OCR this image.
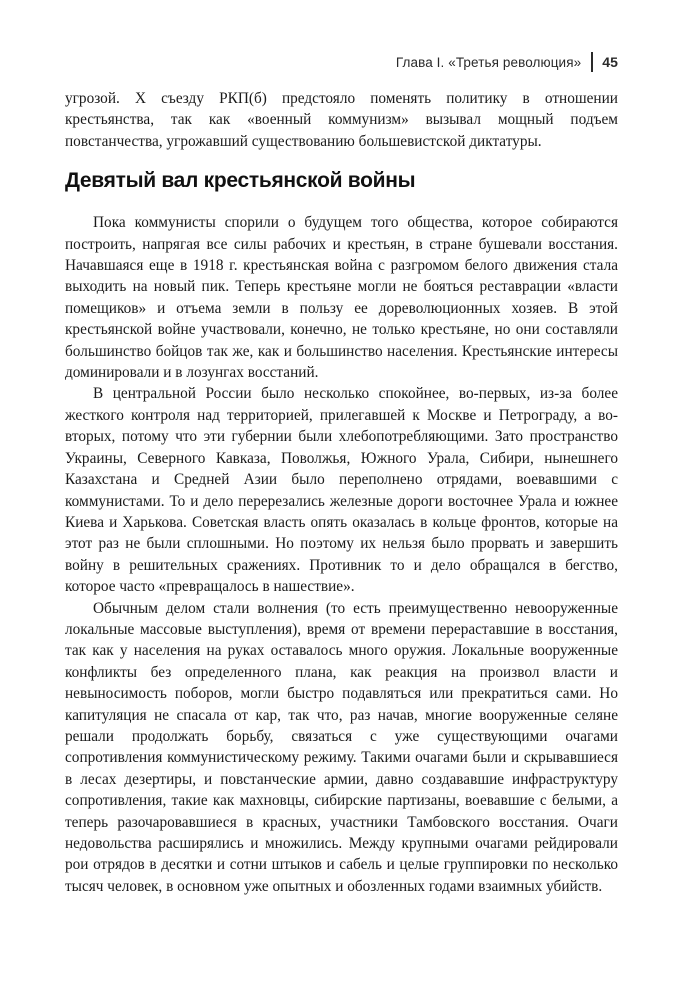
Глава I. «Третья революция» 45

угрозой. X съезду РКП(б) предстояло поменять политику в отношении крестьянства, так как «военный коммунизм» вызывал мощный подъем повстанчества, угрожавший существованию большевистской диктатуры.

Девятый вал крестьянской войны

Пока коммунисты спорили о будущем того общества, которое собираются построить, напрягая все силы рабочих и крестьян, в стране бушевали восстания. Начавшаяся еще в 1918 г. крестьянская война с разгромом белого движения стала выходить на новый пик. Теперь крестьяне могли не бояться реставрации «власти помещиков» и отъема земли в пользу ее дореволюционных хозяев. В этой крестьянской войне участвовали, конечно, не только крестьяне, но они составляли большинство бойцов так же, как и большинство населения. Крестьянские интересы доминировали и в лозунгах восстаний.

В центральной России было несколько спокойнее, во-первых, из-за более жесткого контроля над территорией, прилегавшей к Москве и Петрограду, а во-вторых, потому что эти губернии были хлебопотребляющими. Зато пространство Украины, Северного Кавказа, Поволжья, Южного Урала, Сибири, нынешнего Казахстана и Средней Азии было переполнено отрядами, воевавшими с коммунистами. То и дело перерезались железные дороги восточнее Урала и южнее Киева и Харькова. Советская власть опять оказалась в кольце фронтов, которые на этот раз не были сплошными. Но поэтому их нельзя было прорвать и завершить войну в решительных сражениях. Противник то и дело обращался в бегство, которое часто «превращалось в нашествие».

Обычным делом стали волнения (то есть преимущественно невооруженные локальные массовые выступления), время от времени перераставшие в восстания, так как у населения на руках оставалось много оружия. Локальные вооруженные конфликты без определенного плана, как реакция на произвол власти и невыносимость поборов, могли быстро подавляться или прекратиться сами. Но капитуляция не спасала от кар, так что, раз начав, многие вооруженные селяне решали продолжать борьбу, связаться с уже существующими очагами сопротивления коммунистическому режиму. Такими очагами были и скрывавшиеся в лесах дезертиры, и повстанческие армии, давно создававшие инфраструктуру сопротивления, такие как махновцы, сибирские партизаны, воевавшие с белыми, а теперь разочаровавшиеся в красных, участники Тамбовского восстания. Очаги недовольства расширялись и множились. Между крупными очагами рейдировали рои отрядов в десятки и сотни штыков и сабель и целые группировки по несколько тысяч человек, в основном уже опытных и обозленных годами взаимных убийств.
